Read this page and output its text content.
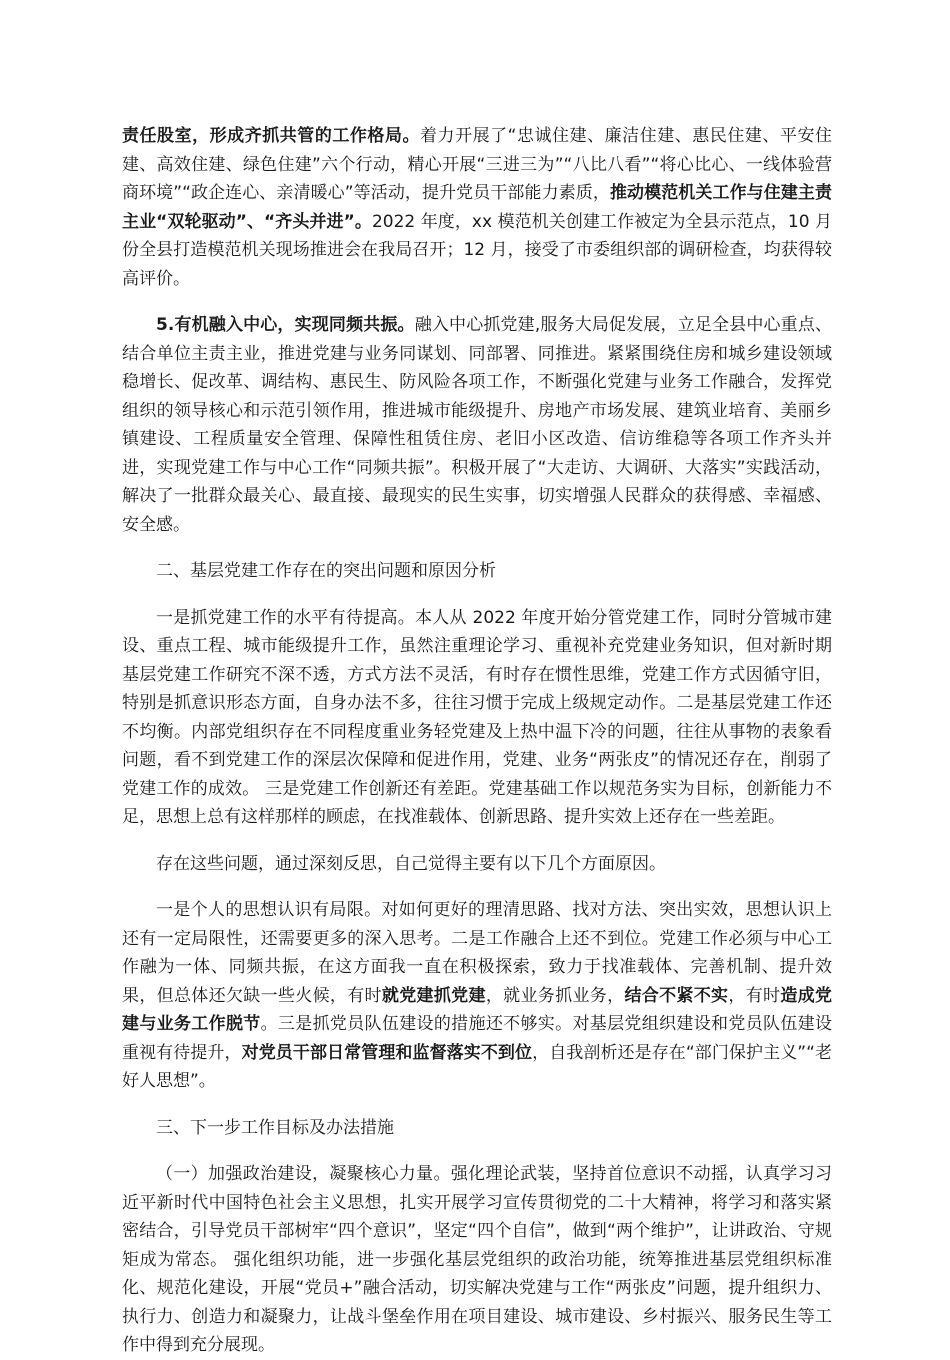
责任股室，形成齐抓共管的工作格局。着力开展了“忠诚住建、廉洁住建、惠民住建、平安住建、高效住建、绿色住建”六个行动，精心开展“三进三为”“八比八看”“将心比心、一线体验营商环境”“政企连心、亲清暖心”等活动，提升党员干部能力素质，推动模范机关工作与住建主责主业“双轮驱动”、“齐头并进”。2022 年度，xx 模范机关创建工作被定为全县示范点，10 月份全县打造模范机关现场推进会在我局召开；12 月，接受了市委组织部的调研检查，均获得较高评价。

5.有机融入中心，实现同频共振。融入中心抓党建,服务大局促发展，立足全县中心重点、结合单位主责主业，推进党建与业务同谋划、同部署、同推进。紧紧围绕住房和城乡建设领域稳增长、促改革、调结构、惠民生、防风险各项工作，不断强化党建与业务工作融合，发挥党组织的领导核心和示范引领作用，推进城市能级提升、房地产市场发展、建筑业培育、美丽乡镇建设、工程质量安全管理、保障性租赁住房、老旧小区改造、信访维稳等各项工作齐头并进，实现党建工作与中心工作“同频共振”。积极开展了“大走访、大调研、大落实”实践活动，解决了一批群众最关心、最直接、最现实的民生实事，切实增强人民群众的获得感、幸福感、安全感。

二、基层党建工作存在的突出问题和原因分析

一是抓党建工作的水平有待提高。本人从 2022 年度开始分管党建工作，同时分管城市建设、重点工程、城市能级提升工作，虽然注重理论学习、重视补充党建业务知识，但对新时期基层党建工作研究不深不透，方式方法不灵活，有时存在惯性思维，党建工作方式因循守旧，特别是抓意识形态方面，自身办法不多，往往习惯于完成上级规定动作。二是基层党建工作还不均衡。内部党组织存在不同程度重业务轻党建及上热中温下冷的问题，往往从事物的表象看问题，看不到党建工作的深层次保障和促进作用，党建、业务“两张皮”的情况还存在，削弱了党建工作的成效。 三是党建工作创新还有差距。党建基础工作以规范务实为目标，创新能力不足，思想上总有这样那样的顾虑，在找准载体、创新思路、提升实效上还存在一些差距。

存在这些问题，通过深刻反思，自己觉得主要有以下几个方面原因。

一是个人的思想认识有局限。对如何更好的理清思路、找对方法、突出实效，思想认识上还有一定局限性，还需要更多的深入思考。二是工作融合上还不到位。党建工作必须与中心工作融为一体、同频共振，在这方面我一直在积极探索，致力于找准载体、完善机制、提升效果，但总体还欠缺一些火候，有时就党建抓党建，就业务抓业务，结合不紧不实，有时造成党建与业务工作脱节。三是抓党员队伍建设的措施还不够实。对基层党组织建设和党员队伍建设重视有待提升，对党员干部日常管理和监督落实不到位，自我剖析还是存在“部门保护主义”“老好人思想”。

三、下一步工作目标及办法措施

（一）加强政治建设，凝聚核心力量。强化理论武装，坚持首位意识不动摇，认真学习习近平新时代中国特色社会主义思想，扎实开展学习宣传贯彻党的二十大精神，将学习和落实紧密结合，引导党员干部树牢“四个意识”，坚定“四个自信”，做到“两个维护”，让讲政治、守规矩成为常态。 强化组织功能，进一步强化基层党组织的政治功能，统筹推进基层党组织标准化、规范化建设，开展“党员+”融合活动，切实解决党建与工作“两张皮”问题，提升组织力、执行力、创造力和凝聚力，让战斗堡垒作用在项目建设、城市建设、乡村振兴、服务民生等工作中得到充分展现。
